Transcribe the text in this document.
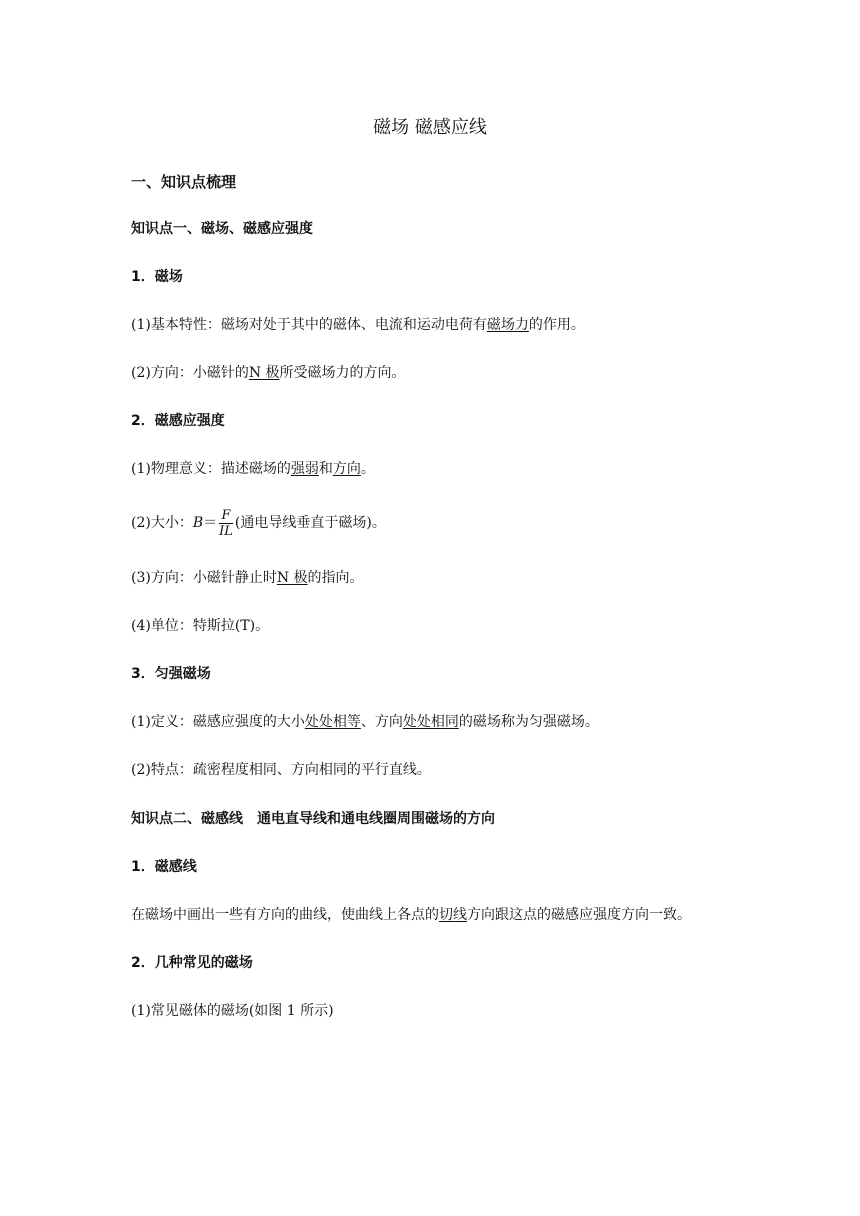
磁场 磁感应线
一、知识点梳理
知识点一、磁场、磁感应强度
1．磁场
(1)基本特性：磁场对处于其中的磁体、电流和运动电荷有磁场力的作用。
(2)方向：小磁针的N 极所受磁场力的方向。
2．磁感应强度
(1)物理意义：描述磁场的强弱和方向。
(2)大小：$B= \frac{F}{IL}$ (通电导线垂直于磁场)。
(3)方向：小磁针静止时N 极的指向。
(4)单位：特斯拉(T)。
3．匀强磁场
(1)定义：磁感应强度的大小处处相等、方向处处相同的磁场称为匀强磁场。
(2)特点：疏密程度相同、方向相同的平行直线。
知识点二、磁感线　通电直导线和通电线圈周围磁场的方向
1．磁感线
在磁场中画出一些有方向的曲线，使曲线上各点的切线方向跟这点的磁感应强度方向一致。
2．几种常见的磁场
(1)常见磁体的磁场(如图 1 所示)
